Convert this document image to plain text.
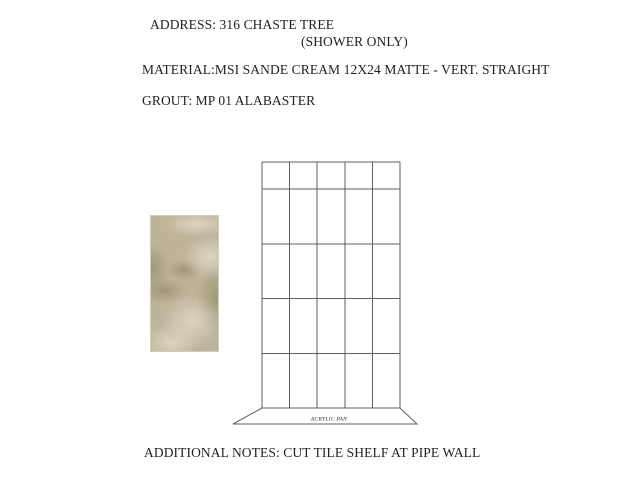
ADDRESS: 316 CHASTE TREE
(SHOWER ONLY)
MATERIAL:MSI SANDE CREAM 12X24 MATTE - VERT. STRAIGHT
GROUT: MP 01 ALABASTER
ACRYLIC PAN
ADDITIONAL NOTES: CUT TILE SHELF AT PIPE WALL
